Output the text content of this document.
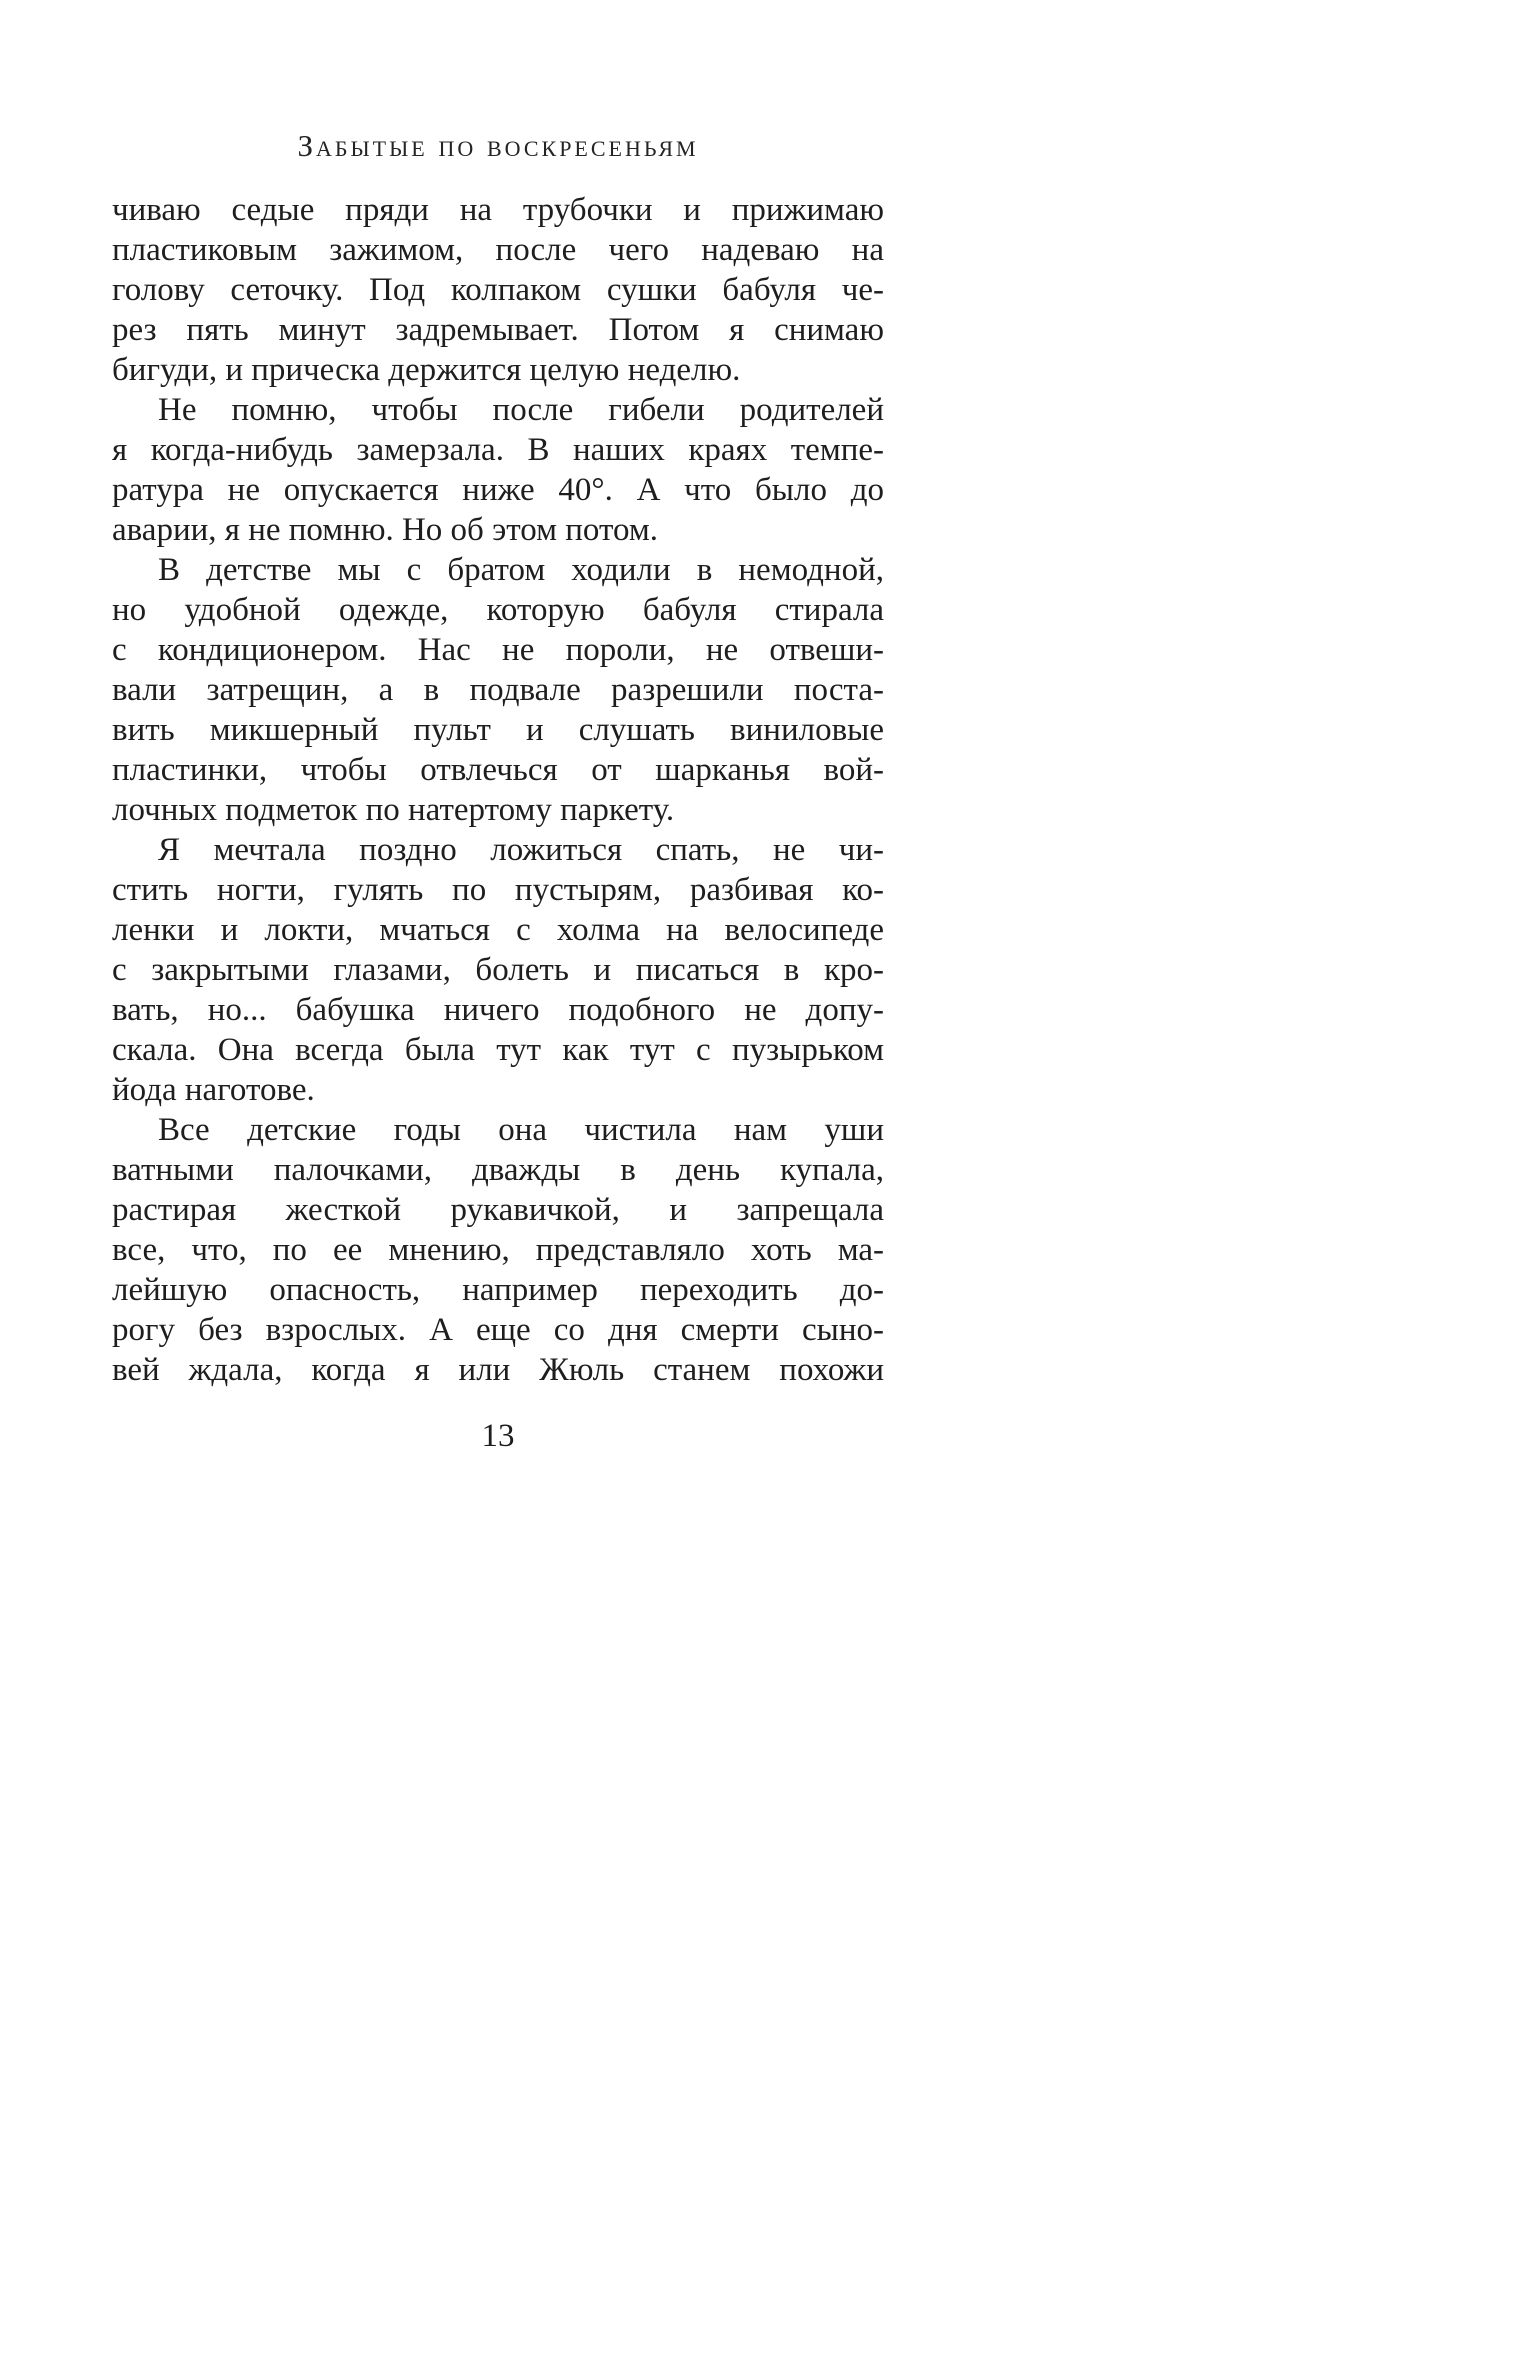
Забытые по воскресеньям
чиваю седые пряди на трубочки и прижимаю
пластиковым зажимом, после чего надеваю на
голову сеточку. Под колпаком сушки бабуля че-
рез пять минут задремывает. Потом я снимаю
бигуди, и прическа держится целую неделю.
Не помню, чтобы после гибели родителей
я когда-нибудь замерзала. В наших краях темпе-
ратура не опускается ниже 40°. А что было до
аварии, я не помню. Но об этом потом.
В детстве мы с братом ходили в немодной,
но удобной одежде, которую бабуля стирала
с кондиционером. Нас не пороли, не отвеши-
вали затрещин, а в подвале разрешили поста-
вить микшерный пульт и слушать виниловые
пластинки, чтобы отвлечься от шарканья вой-
лочных подметок по натертому паркету.
Я мечтала поздно ложиться спать, не чи-
стить ногти, гулять по пустырям, разбивая ко-
ленки и локти, мчаться с холма на велосипеде
с закрытыми глазами, болеть и писаться в кро-
вать, но... бабушка ничего подобного не допу-
скала. Она всегда была тут как тут с пузырьком
йода наготове.
Все детские годы она чистила нам уши
ватными палочками, дважды в день купала,
растирая жесткой рукавичкой, и запрещала
все, что, по ее мнению, представляло хоть ма-
лейшую опасность, например переходить до-
рогу без взрослых. А еще со дня смерти сыно-
вей ждала, когда я или Жюль станем похожи
13
